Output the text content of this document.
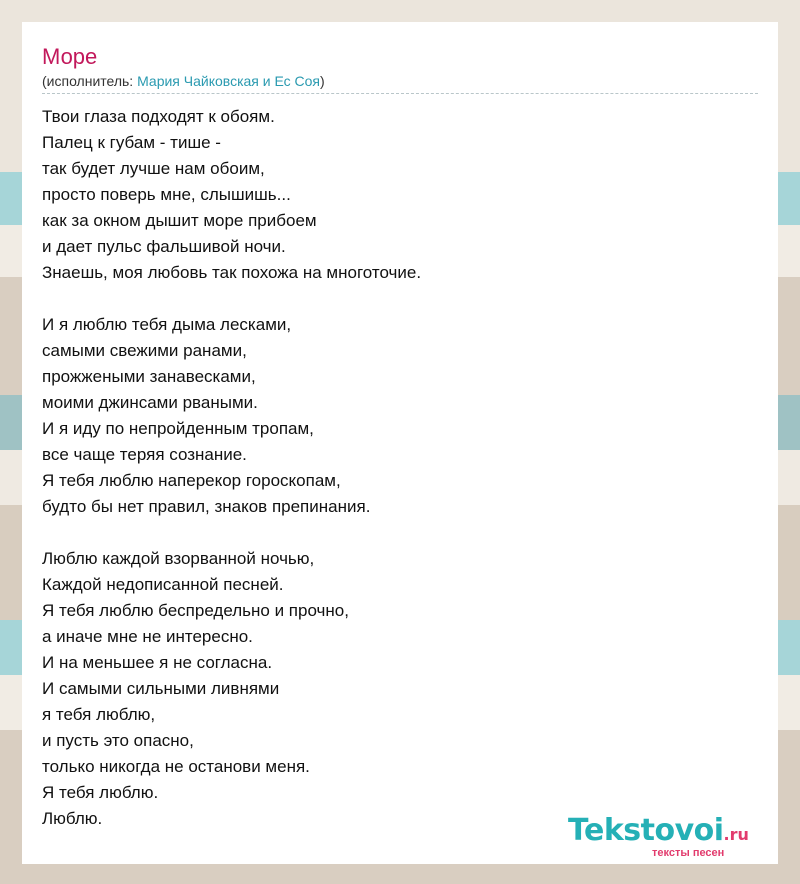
Море
(исполнитель: Мария Чайковская и Ес Соя)
Твои глаза подходят к обоям.
Палец к губам - тише -
так будет лучше нам обоим,
просто поверь мне, слышишь...
как за окном дышит море прибоем
и дает пульс фальшивой ночи.
Знаешь, моя любовь так похожа на многоточие.
И я люблю тебя дыма лесками,
самыми свежими ранами,
прожжеными занавесками,
моими джинсами рваными.
И я иду по непройденным тропам,
все чаще теряя сознание.
Я тебя люблю наперекор гороскопам,
будто бы нет правил, знаков препинания.
Люблю каждой взорванной ночью,
Каждой недописанной песней.
Я тебя люблю беспредельно и прочно,
а иначе мне не интересно.
И на меньшее я не согласна.
И самыми сильными ливнями
я тебя люблю,
и пусть это опасно,
только никогда не останови меня.
Я тебя люблю.
Люблю.	Tekstovoi.ru
тексты песен
